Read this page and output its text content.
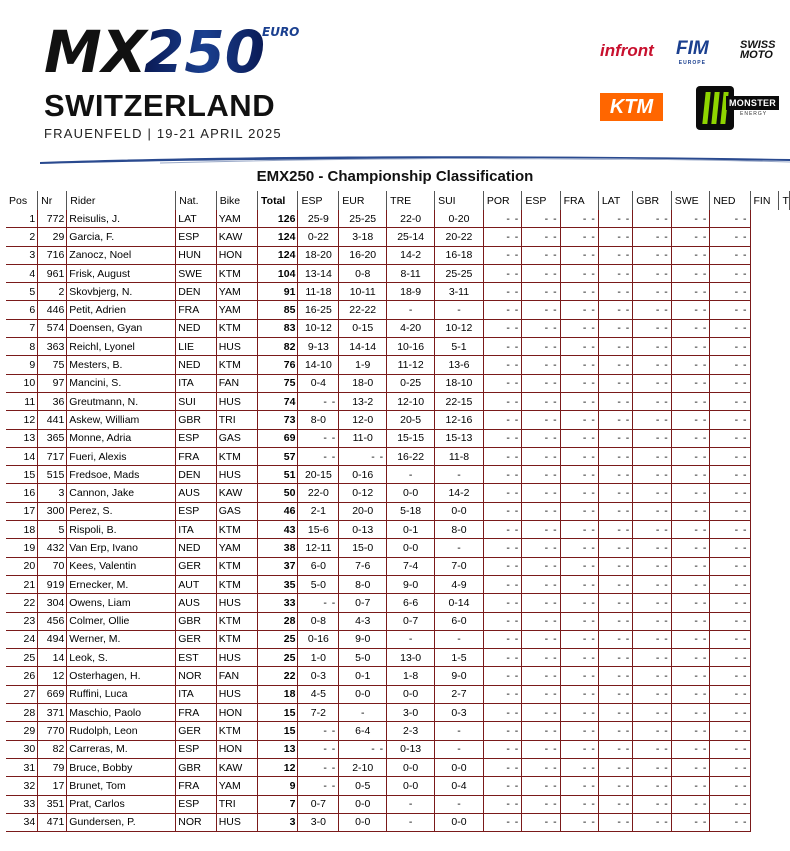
MX
250
EURO
SWITZERLAND
FRAUENFELD | 19-21 APRIL 2025
infront FIM
EUROPE
SWISS
MOTO
KTM	MONSTER
ENERGY
EMX250 - Championship Classification
Pos	Nr	Rider	Nat.	Bike	Total	ESP	EUR	TRE	SUI	POR	ESP	FRA	LAT	GBR	SWE	NED	FIN	T
1	772	Reisulis, J.	LAT	YAM	126	25-9	25-25	22-0	0-20	- -	- -	- -	- -	- -	- -	- -		
2	29	Garcia, F.	ESP	KAW	124	0-22	3-18	25-14	20-22	- -	- -	- -	- -	- -	- -	- -		
3	716	Zanocz, Noel	HUN	HON	124	18-20	16-20	14-2	16-18	- -	- -	- -	- -	- -	- -	- -		
4	961	Frisk, August	SWE	KTM	104	13-14	0-8	8-11	25-25	- -	- -	- -	- -	- -	- -	- -		
5	2	Skovbjerg, N.	DEN	YAM	91	11-18	10-11	18-9	3-11	- -	- -	- -	- -	- -	- -	- -		
6	446	Petit, Adrien	FRA	YAM	85	16-25	22-22	-	-	- -	- -	- -	- -	- -	- -	- -		
7	574	Doensen, Gyan	NED	KTM	83	10-12	0-15	4-20	10-12	- -	- -	- -	- -	- -	- -	- -		
8	363	Reichl, Lyonel	LIE	HUS	82	9-13	14-14	10-16	5-1	- -	- -	- -	- -	- -	- -	- -		
9	75	Mesters, B.	NED	KTM	76	14-10	1-9	11-12	13-6	- -	- -	- -	- -	- -	- -	- -		
10	97	Mancini, S.	ITA	FAN	75	0-4	18-0	0-25	18-10	- -	- -	- -	- -	- -	- -	- -		
11	36	Greutmann, N.	SUI	HUS	74	- -	13-2	12-10	22-15	- -	- -	- -	- -	- -	- -	- -		
12	441	Askew, William	GBR	TRI	73	8-0	12-0	20-5	12-16	- -	- -	- -	- -	- -	- -	- -		
13	365	Monne, Adria	ESP	GAS	69	- -	11-0	15-15	15-13	- -	- -	- -	- -	- -	- -	- -		
14	717	Fueri, Alexis	FRA	KTM	57	- -	- -	16-22	11-8	- -	- -	- -	- -	- -	- -	- -		
15	515	Fredsoe, Mads	DEN	HUS	51	20-15	0-16	-	-	- -	- -	- -	- -	- -	- -	- -		
16	3	Cannon, Jake	AUS	KAW	50	22-0	0-12	0-0	14-2	- -	- -	- -	- -	- -	- -	- -		
17	300	Perez, S.	ESP	GAS	46	2-1	20-0	5-18	0-0	- -	- -	- -	- -	- -	- -	- -		
18	5	Rispoli, B.	ITA	KTM	43	15-6	0-13	0-1	8-0	- -	- -	- -	- -	- -	- -	- -		
19	432	Van Erp, Ivano	NED	YAM	38	12-11	15-0	0-0	-	- -	- -	- -	- -	- -	- -	- -		
20	70	Kees, Valentin	GER	KTM	37	6-0	7-6	7-4	7-0	- -	- -	- -	- -	- -	- -	- -		
21	919	Ernecker, M.	AUT	KTM	35	5-0	8-0	9-0	4-9	- -	- -	- -	- -	- -	- -	- -		
22	304	Owens, Liam	AUS	HUS	33	- -	0-7	6-6	0-14	- -	- -	- -	- -	- -	- -	- -		
23	456	Colmer, Ollie	GBR	KTM	28	0-8	4-3	0-7	6-0	- -	- -	- -	- -	- -	- -	- -		
24	494	Werner, M.	GER	KTM	25	0-16	9-0	-	-	- -	- -	- -	- -	- -	- -	- -		
25	14	Leok, S.	EST	HUS	25	1-0	5-0	13-0	1-5	- -	- -	- -	- -	- -	- -	- -		
26	12	Osterhagen, H.	NOR	FAN	22	0-3	0-1	1-8	9-0	- -	- -	- -	- -	- -	- -	- -		
27	669	Ruffini, Luca	ITA	HUS	18	4-5	0-0	0-0	2-7	- -	- -	- -	- -	- -	- -	- -		
28	371	Maschio, Paolo	FRA	HON	15	7-2	-	3-0	0-3	- -	- -	- -	- -	- -	- -	- -		
29	770	Rudolph, Leon	GER	KTM	15	- -	6-4	2-3	-	- -	- -	- -	- -	- -	- -	- -		
30	82	Carreras, M.	ESP	HON	13	- -	- -	0-13	-	- -	- -	- -	- -	- -	- -	- -		
31	79	Bruce, Bobby	GBR	KAW	12	- -	2-10	0-0	0-0	- -	- -	- -	- -	- -	- -	- -		
32	17	Brunet, Tom	FRA	YAM	9	- -	0-5	0-0	0-4	- -	- -	- -	- -	- -	- -	- -		
33	351	Prat, Carlos	ESP	TRI	7	0-7	0-0	-	-	- -	- -	- -	- -	- -	- -	- -		
34	471	Gundersen, P.	NOR	HUS	3	3-0	0-0	-	0-0	- -	- -	- -	- -	- -	- -	- -		
